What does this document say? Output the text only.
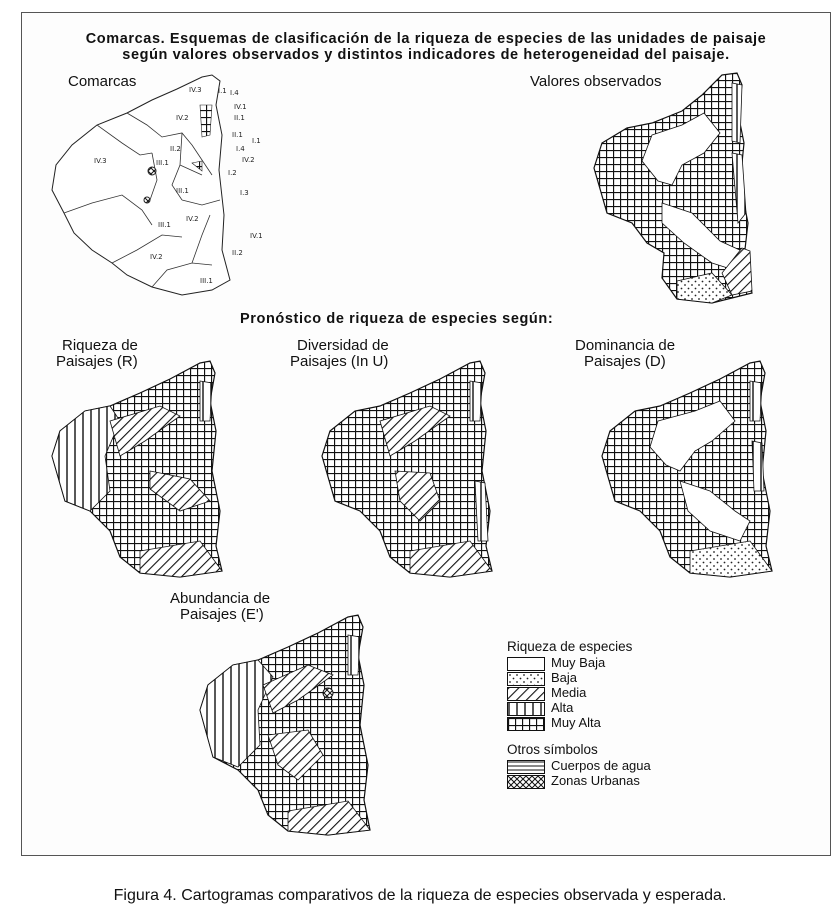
Comarcas. Esquemas de clasificación de la riqueza de especies de las unidades de paisaje
según valores observados y distintos indicadores de heterogeneidad del paisaje.
Comarcas	IV.3 I.1 I.4
IV.1
II.1
IV.2
II.1
I.1
II.2	I.4
III.1
IV.3	IV.2
I.2
III.1	I.3
IV.2
III.1
IV.1
IV.2	II.2
III.1
Valores observados
Pronóstico de riqueza de especies según:
Riqueza de
Paisajes (R)
Diversidad de
Paisajes (In U)
Dominancia de
Paisajes (D)
Abundancia de
Paisajes (E')
Riqueza de especies
Muy Baja
Baja
Media
Alta
Muy Alta
Otros símbolos
Cuerpos de agua
Zonas Urbanas
Figura 4. Cartogramas comparativos de la riqueza de especies observada y esperada.
